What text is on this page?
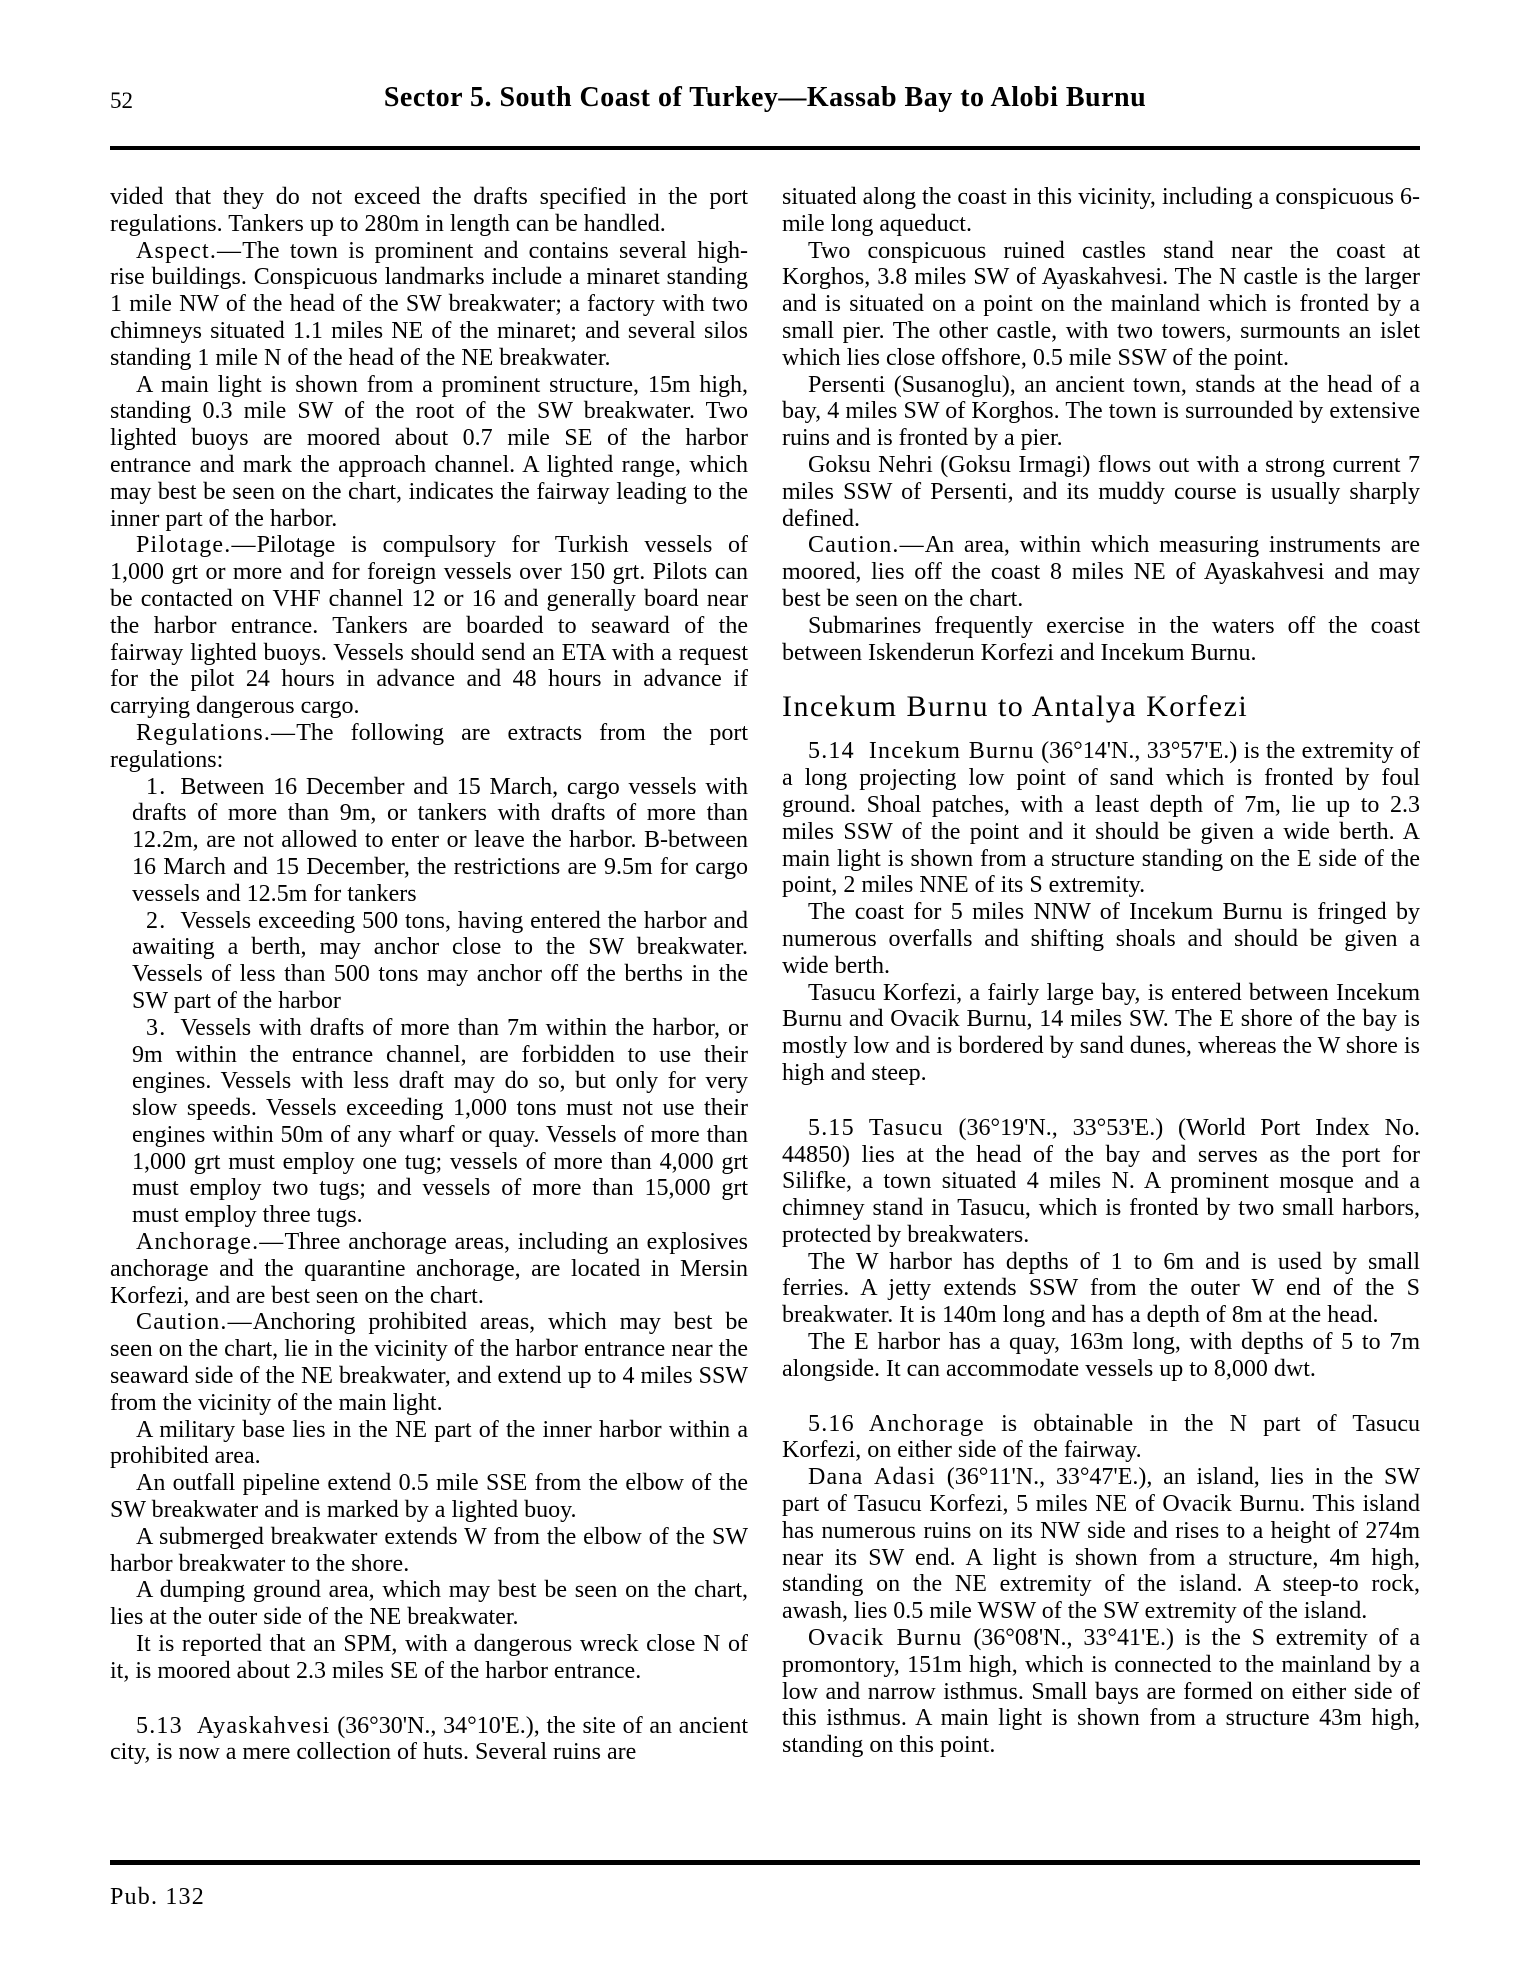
52	Sector 5. South Coast of Turkey—Kassab Bay to Alobi Burnu

vided that they do not exceed the drafts specified in the port regulations. Tankers up to 280m in length can be handled.

Aspect.—The town is prominent and contains several high-rise buildings. Conspicuous landmarks include a minaret standing 1 mile NW of the head of the SW breakwater; a factory with two chimneys situated 1.1 miles NE of the minaret; and several silos standing 1 mile N of the head of the NE breakwater.

A main light is shown from a prominent structure, 15m high, standing 0.3 mile SW of the root of the SW breakwater. Two lighted buoys are moored about 0.7 mile SE of the harbor entrance and mark the approach channel. A lighted range, which may best be seen on the chart, indicates the fairway leading to the inner part of the harbor.

Pilotage.—Pilotage is compulsory for Turkish vessels of 1,000 grt or more and for foreign vessels over 150 grt. Pilots can be contacted on VHF channel 12 or 16 and generally board near the harbor entrance. Tankers are boarded to seaward of the fairway lighted buoys. Vessels should send an ETA with a request for the pilot 24 hours in advance and 48 hours in advance if carrying dangerous cargo.

Regulations.—The following are extracts from the port regulations:

1. Between 16 December and 15 March, cargo vessels with drafts of more than 9m, or tankers with drafts of more than 12.2m, are not allowed to enter or leave the harbor. B-between 16 March and 15 December, the restrictions are 9.5m for cargo vessels and 12.5m for tankers

2. Vessels exceeding 500 tons, having entered the harbor and awaiting a berth, may anchor close to the SW breakwater. Vessels of less than 500 tons may anchor off the berths in the SW part of the harbor

3. Vessels with drafts of more than 7m within the harbor, or 9m within the entrance channel, are forbidden to use their engines. Vessels with less draft may do so, but only for very slow speeds. Vessels exceeding 1,000 tons must not use their engines within 50m of any wharf or quay. Vessels of more than 1,000 grt must employ one tug; vessels of more than 4,000 grt must employ two tugs; and vessels of more than 15,000 grt must employ three tugs.

Anchorage.—Three anchorage areas, including an explosives anchorage and the quarantine anchorage, are located in Mersin Korfezi, and are best seen on the chart.

Caution.—Anchoring prohibited areas, which may best be seen on the chart, lie in the vicinity of the harbor entrance near the seaward side of the NE breakwater, and extend up to 4 miles SSW from the vicinity of the main light.

A military base lies in the NE part of the inner harbor within a prohibited area.

An outfall pipeline extend 0.5 mile SSE from the elbow of the SW breakwater and is marked by a lighted buoy.

A submerged breakwater extends W from the elbow of the SW harbor breakwater to the shore.

A dumping ground area, which may best be seen on the chart, lies at the outer side of the NE breakwater.

It is reported that an SPM, with a dangerous wreck close N of it, is moored about 2.3 miles SE of the harbor entrance.

5.13 Ayaskahvesi (36°30'N., 34°10'E.), the site of an ancient city, is now a mere collection of huts. Several ruins are

situated along the coast in this vicinity, including a conspicuous 6-mile long aqueduct.

Two conspicuous ruined castles stand near the coast at Korghos, 3.8 miles SW of Ayaskahvesi. The N castle is the larger and is situated on a point on the mainland which is fronted by a small pier. The other castle, with two towers, surmounts an islet which lies close offshore, 0.5 mile SSW of the point.

Persenti (Susanoglu), an ancient town, stands at the head of a bay, 4 miles SW of Korghos. The town is surrounded by extensive ruins and is fronted by a pier.

Goksu Nehri (Goksu Irmagi) flows out with a strong current 7 miles SSW of Persenti, and its muddy course is usually sharply defined.

Caution.—An area, within which measuring instruments are moored, lies off the coast 8 miles NE of Ayaskahvesi and may best be seen on the chart.

Submarines frequently exercise in the waters off the coast between Iskenderun Korfezi and Incekum Burnu.

Incekum Burnu to Antalya Korfezi

5.14 Incekum Burnu (36°14'N., 33°57'E.) is the extremity of a long projecting low point of sand which is fronted by foul ground. Shoal patches, with a least depth of 7m, lie up to 2.3 miles SSW of the point and it should be given a wide berth. A main light is shown from a structure standing on the E side of the point, 2 miles NNE of its S extremity.

The coast for 5 miles NNW of Incekum Burnu is fringed by numerous overfalls and shifting shoals and should be given a wide berth.

Tasucu Korfezi, a fairly large bay, is entered between Incekum Burnu and Ovacik Burnu, 14 miles SW. The E shore of the bay is mostly low and is bordered by sand dunes, whereas the W shore is high and steep.

5.15 Tasucu (36°19'N., 33°53'E.) (World Port Index No. 44850) lies at the head of the bay and serves as the port for Silifke, a town situated 4 miles N. A prominent mosque and a chimney stand in Tasucu, which is fronted by two small harbors, protected by breakwaters.

The W harbor has depths of 1 to 6m and is used by small ferries. A jetty extends SSW from the outer W end of the S breakwater. It is 140m long and has a depth of 8m at the head.

The E harbor has a quay, 163m long, with depths of 5 to 7m alongside. It can accommodate vessels up to 8,000 dwt.

5.16 Anchorage is obtainable in the N part of Tasucu Korfezi, on either side of the fairway.

Dana Adasi (36°11'N., 33°47'E.), an island, lies in the SW part of Tasucu Korfezi, 5 miles NE of Ovacik Burnu. This island has numerous ruins on its NW side and rises to a height of 274m near its SW end. A light is shown from a structure, 4m high, standing on the NE extremity of the island. A steep-to rock, awash, lies 0.5 mile WSW of the SW extremity of the island.

Ovacik Burnu (36°08'N., 33°41'E.) is the S extremity of a promontory, 151m high, which is connected to the mainland by a low and narrow isthmus. Small bays are formed on either side of this isthmus. A main light is shown from a structure 43m high, standing on this point.

Pub. 132
